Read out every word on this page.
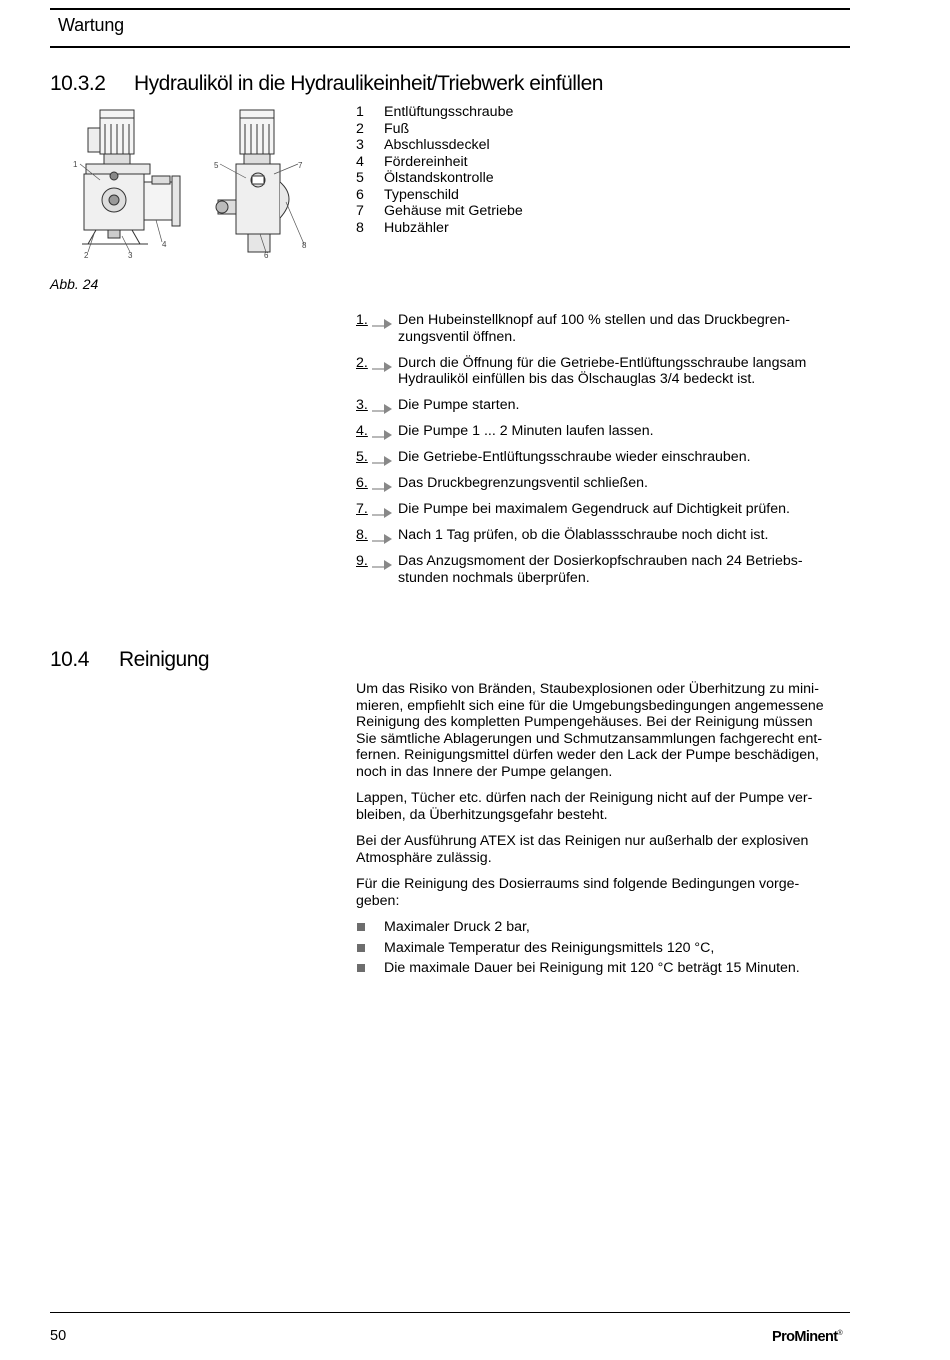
Wartung
10.3.2 Hydrauliköl in die Hydraulikeinheit/Triebwerk einfüllen
1
2	3
4
5
6
7
8
1	Entlüftungsschraube
2	Fuß
3	Abschlussdeckel
4	Fördereinheit
5	Ölstandskontrolle
6	Typenschild
7	Gehäuse mit Getriebe
8	Hubzähler
Abb. 24
1.	Den Hubeinstellknopf auf 100 % stellen und das Druckbegren-
zungsventil öffnen.
2.	Durch die Öffnung für die Getriebe-Entlüftungsschraube langsam
Hydrauliköl einfüllen bis das Ölschauglas 3/4 bedeckt ist.
3.	Die Pumpe starten.
4.	Die Pumpe 1 ... 2 Minuten laufen lassen.
5.	Die Getriebe-Entlüftungsschraube wieder einschrauben.
6.	Das Druckbegrenzungsventil schließen.
7.	Die Pumpe bei maximalem Gegendruck auf Dichtigkeit prüfen.
8.	Nach 1 Tag prüfen, ob die Ölablassschraube noch dicht ist.
9.	Das Anzugsmoment der Dosierkopfschrauben nach 24 Betriebs-
stunden nochmals überprüfen.
10.4 Reinigung

Um das Risiko von Bränden, Staubexplosionen oder Überhitzung zu mini-
mieren, empfiehlt sich eine für die Umgebungsbedingungen angemessene
Reinigung des kompletten Pumpengehäuses. Bei der Reinigung müssen
Sie sämtliche Ablagerungen und Schmutzansammlungen fachgerecht ent-
fernen. Reinigungsmittel dürfen weder den Lack der Pumpe beschädigen,
noch in das Innere der Pumpe gelangen.

Lappen, Tücher etc. dürfen nach der Reinigung nicht auf der Pumpe ver-
bleiben, da Überhitzungsgefahr besteht.

Bei der Ausführung ATEX ist das Reinigen nur außerhalb der explosiven
Atmosphäre zulässig.

Für die Reinigung des Dosierraums sind folgende Bedingungen vorge-
geben:

Maximaler Druck 2 bar,
Maximale Temperatur des Reinigungsmittels 120 °C,
Die maximale Dauer bei Reinigung mit 120 °C beträgt 15 Minuten.
50	ProMinent®
